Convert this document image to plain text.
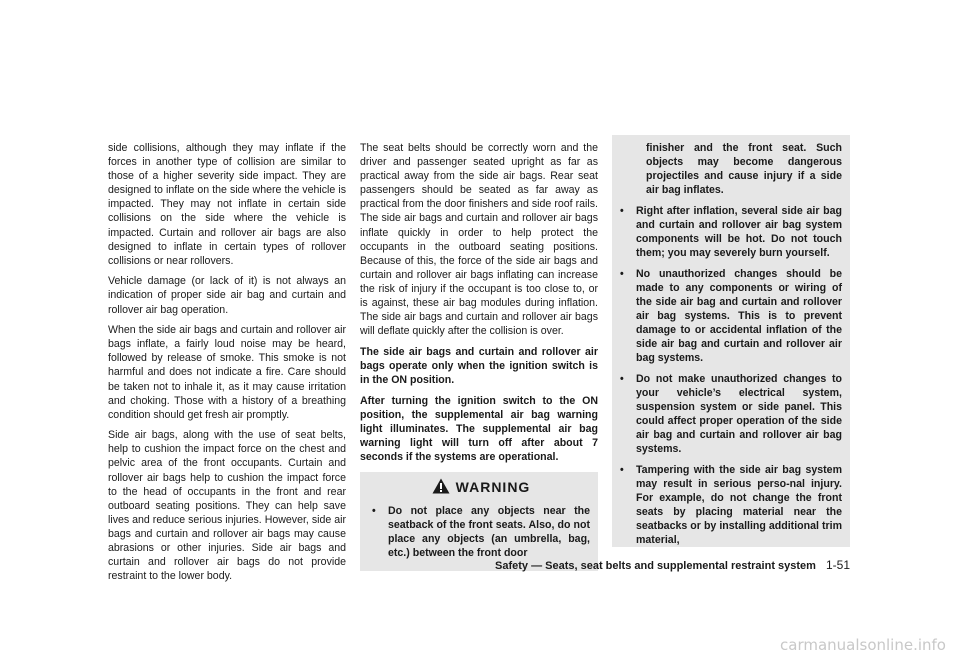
side collisions, although they may inflate if the forces in another type of collision are similar to those of a higher severity side impact. They are designed to inflate on the side where the vehicle is impacted. They may not inflate in certain side collisions on the side where the vehicle is impacted. Curtain and rollover air bags are also designed to inflate in certain types of rollover collisions or near rollovers.

Vehicle damage (or lack of it) is not always an indication of proper side air bag and curtain and rollover air bag operation.

When the side air bags and curtain and rollover air bags inflate, a fairly loud noise may be heard, followed by release of smoke. This smoke is not harmful and does not indicate a fire. Care should be taken not to inhale it, as it may cause irritation and choking. Those with a history of a breathing condition should get fresh air promptly.

Side air bags, along with the use of seat belts, help to cushion the impact force on the chest and pelvic area of the front occupants. Curtain and rollover air bags help to cushion the impact force to the head of occupants in the front and rear outboard seating positions. They can help save lives and reduce serious injuries. However, side air bags and curtain and rollover air bags may cause abrasions or other injuries. Side air bags and curtain and rollover air bags do not provide restraint to the lower body.

The seat belts should be correctly worn and the driver and passenger seated upright as far as practical away from the side air bags. Rear seat passengers should be seated as far away as practical from the door finishers and side roof rails. The side air bags and curtain and rollover air bags inflate quickly in order to help protect the occupants in the outboard seating positions. Because of this, the force of the side air bags and curtain and rollover air bags inflating can increase the risk of injury if the occupant is too close to, or is against, these air bag modules during inflation. The side air bags and curtain and rollover air bags will deflate quickly after the collision is over.

The side air bags and curtain and rollover air bags operate only when the ignition switch is in the ON position.

After turning the ignition switch to the ON position, the supplemental air bag warning light illuminates. The supplemental air bag warning light will turn off after about 7 seconds if the systems are operational.

WARNING
•	Do not place any objects near the seatback of the front seats. Also, do not place any objects (an umbrella, bag, etc.) between the front door
finisher and the front seat. Such objects may become dangerous projectiles and cause injury if a side air bag inflates.
•	Right after inflation, several side air bag and curtain and rollover air bag system components will be hot. Do not touch them; you may severely burn yourself.
•	No unauthorized changes should be made to any components or wiring of the side air bag and curtain and rollover air bag systems. This is to prevent damage to or accidental inflation of the side air bag and curtain and rollover air bag systems.
•	Do not make unauthorized changes to your vehicle’s electrical system, suspension system or side panel. This could affect proper operation of the side air bag and curtain and rollover air bag systems.
•	Tampering with the side air bag system may result in serious perso-nal injury. For example, do not change the front seats by placing material near the seatbacks or by installing additional trim material,
Safety — Seats, seat belts and supplemental restraint system 1-51
carmanualsonline.info
